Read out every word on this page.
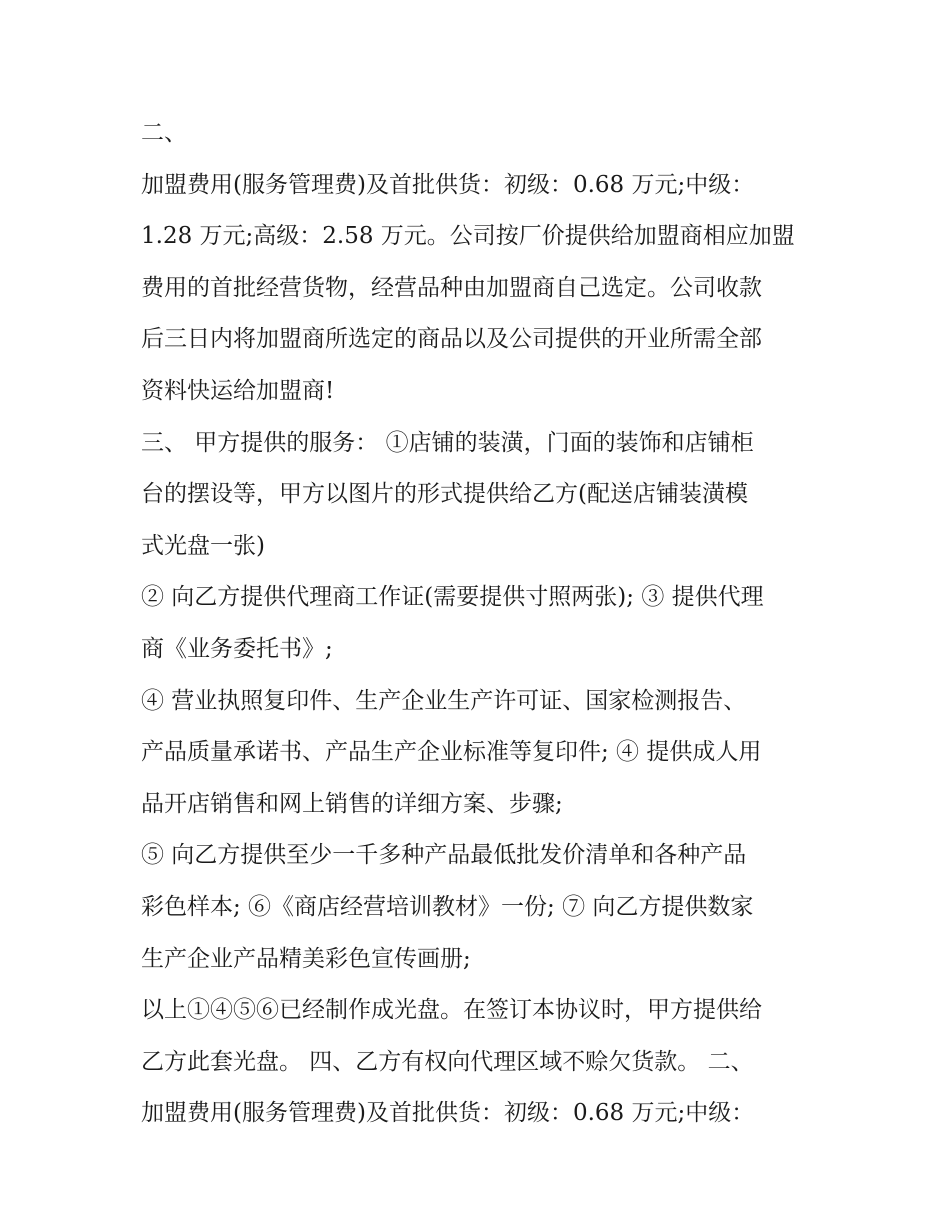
二、
加盟费用(服务管理费)及首批供货：初级：0.68 万元;中级：
1.28 万元;高级：2.58 万元。公司按厂价提供给加盟商相应加盟
费用的首批经营货物，经营品种由加盟商自己选定。公司收款
后三日内将加盟商所选定的商品以及公司提供的开业所需全部
资料快运给加盟商!
三、 甲方提供的服务： ①店铺的装潢，门面的装饰和店铺柜
台的摆设等，甲方以图片的形式提供给乙方(配送店铺装潢模
式光盘一张)
② 向乙方提供代理商工作证(需要提供寸照两张); ③ 提供代理
商《业务委托书》;
④ 营业执照复印件、生产企业生产许可证、国家检测报告、
产品质量承诺书、产品生产企业标准等复印件; ④ 提供成人用
品开店销售和网上销售的详细方案、步骤;
⑤ 向乙方提供至少一千多种产品最低批发价清单和各种产品
彩色样本; ⑥《商店经营培训教材》一份; ⑦ 向乙方提供数家
生产企业产品精美彩色宣传画册;
以上①④⑤⑥已经制作成光盘。在签订本协议时，甲方提供给
乙方此套光盘。 四、乙方有权向代理区域不赊欠货款。 二、
加盟费用(服务管理费)及首批供货：初级：0.68 万元;中级：
